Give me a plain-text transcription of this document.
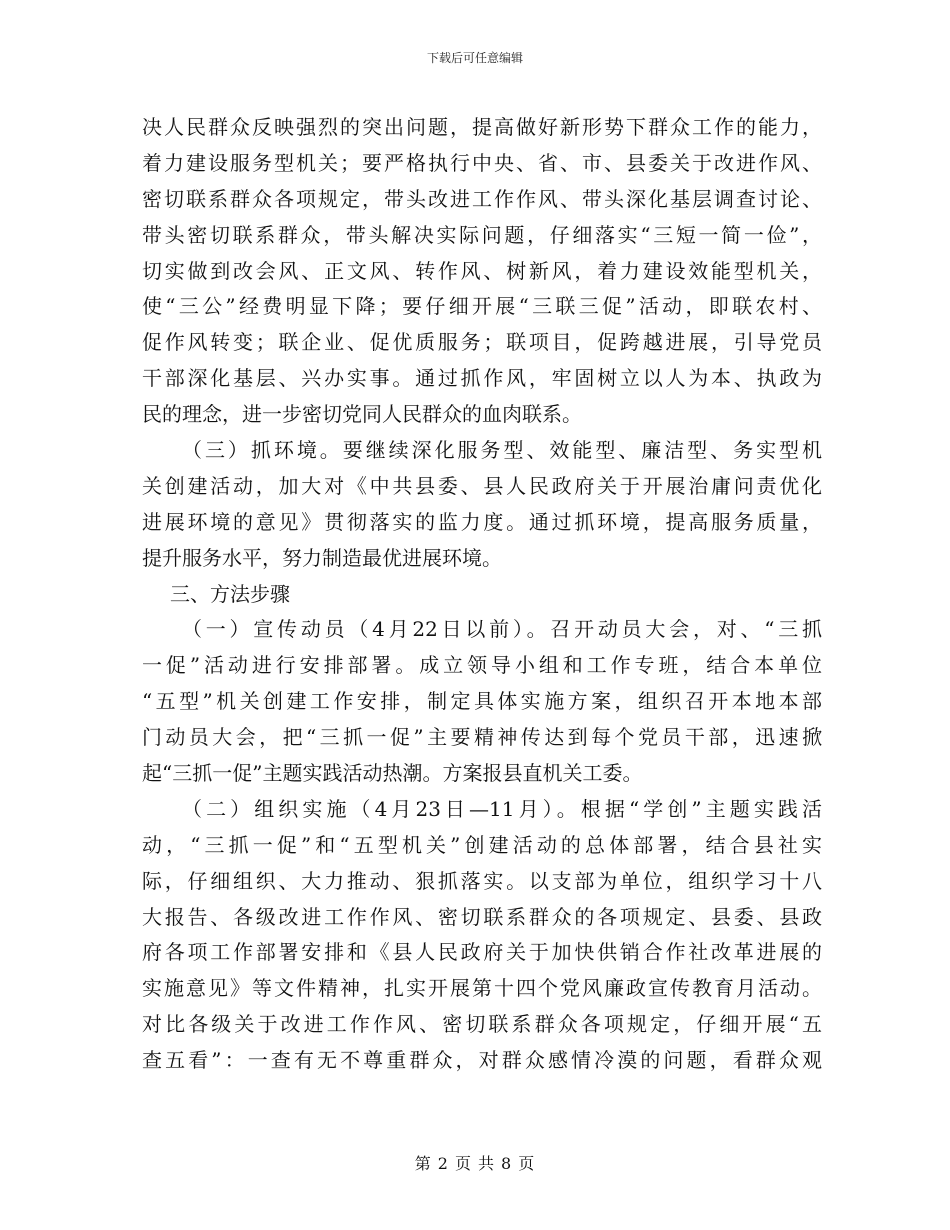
下载后可任意编辑
决人民群众反映强烈的突出问题，提高做好新形势下群众工作的能力，
着力建设服务型机关；要严格执行中央、省、市、县委关于改进作风、
密切联系群众各项规定，带头改进工作作风、带头深化基层调查讨论、
带头密切联系群众，带头解决实际问题，仔细落实“三短一简一俭”，
切实做到改会风、正文风、转作风、树新风，着力建设效能型机关，
使“三公”经费明显下降；要仔细开展“三联三促”活动，即联农村、
促作风转变；联企业、促优质服务；联项目，促跨越进展，引导党员
干部深化基层、兴办实事。通过抓作风，牢固树立以人为本、执政为
民的理念，进一步密切党同人民群众的血肉联系。
（三）抓环境。要继续深化服务型、效能型、廉洁型、务实型机
关创建活动，加大对《中共县委、县人民政府关于开展治庸问责优化
进展环境的意见》贯彻落实的监力度。通过抓环境，提高服务质量，
提升服务水平，努力制造最优进展环境。
三、方法步骤
（一）宣传动员（4月22日以前）。召开动员大会，对、“三抓
一促”活动进行安排部署。成立领导小组和工作专班，结合本单位
“五型”机关创建工作安排，制定具体实施方案，组织召开本地本部
门动员大会，把“三抓一促”主要精神传达到每个党员干部，迅速掀
起“三抓一促”主题实践活动热潮。方案报县直机关工委。
（二）组织实施（4月23日—11月）。根据“学创”主题实践活
动，“三抓一促”和“五型机关”创建活动的总体部署，结合县社实
际，仔细组织、大力推动、狠抓落实。以支部为单位，组织学习十八
大报告、各级改进工作作风、密切联系群众的各项规定、县委、县政
府各项工作部署安排和《县人民政府关于加快供销合作社改革进展的
实施意见》等文件精神，扎实开展第十四个党风廉政宣传教育月活动。
对比各级关于改进工作作风、密切联系群众各项规定，仔细开展“五
查五看”：一查有无不尊重群众，对群众感情冷漠的问题，看群众观
第 2 页 共 8 页
